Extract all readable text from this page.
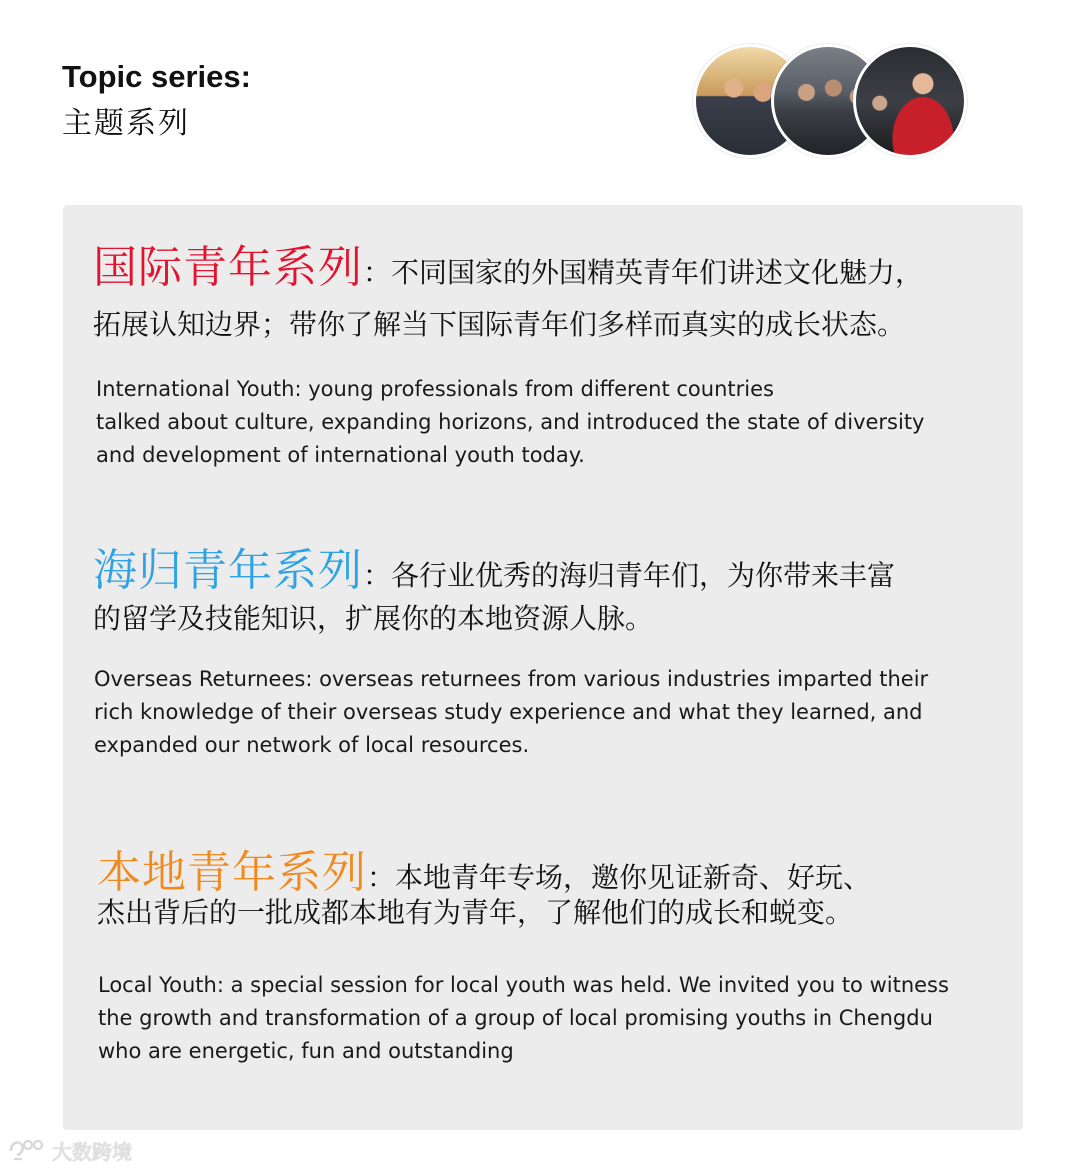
Topic series:
主题系列

国际青年系列：不同国家的外国精英青年们讲述文化魅力，

拓展认知边界；带你了解当下国际青年们多样而真实的成长状态。

International Youth: young professionals from different countries

talked about culture, expanding horizons, and introduced the state of diversity

and development of international youth today.

海归青年系列：各行业优秀的海归青年们，为你带来丰富

的留学及技能知识，扩展你的本地资源人脉。

Overseas Returnees: overseas returnees from various industries imparted their

rich knowledge of their overseas study experience and what they learned, and

expanded our network of local resources.

本地青年系列：本地青年专场，邀你见证新奇、好玩、

杰出背后的一批成都本地有为青年，了解他们的成长和蜕变。

Local Youth: a special session for local youth was held. We invited you to witness

the growth and transformation of a group of local promising youths in Chengdu

who are energetic, fun and outstanding

大数跨境
